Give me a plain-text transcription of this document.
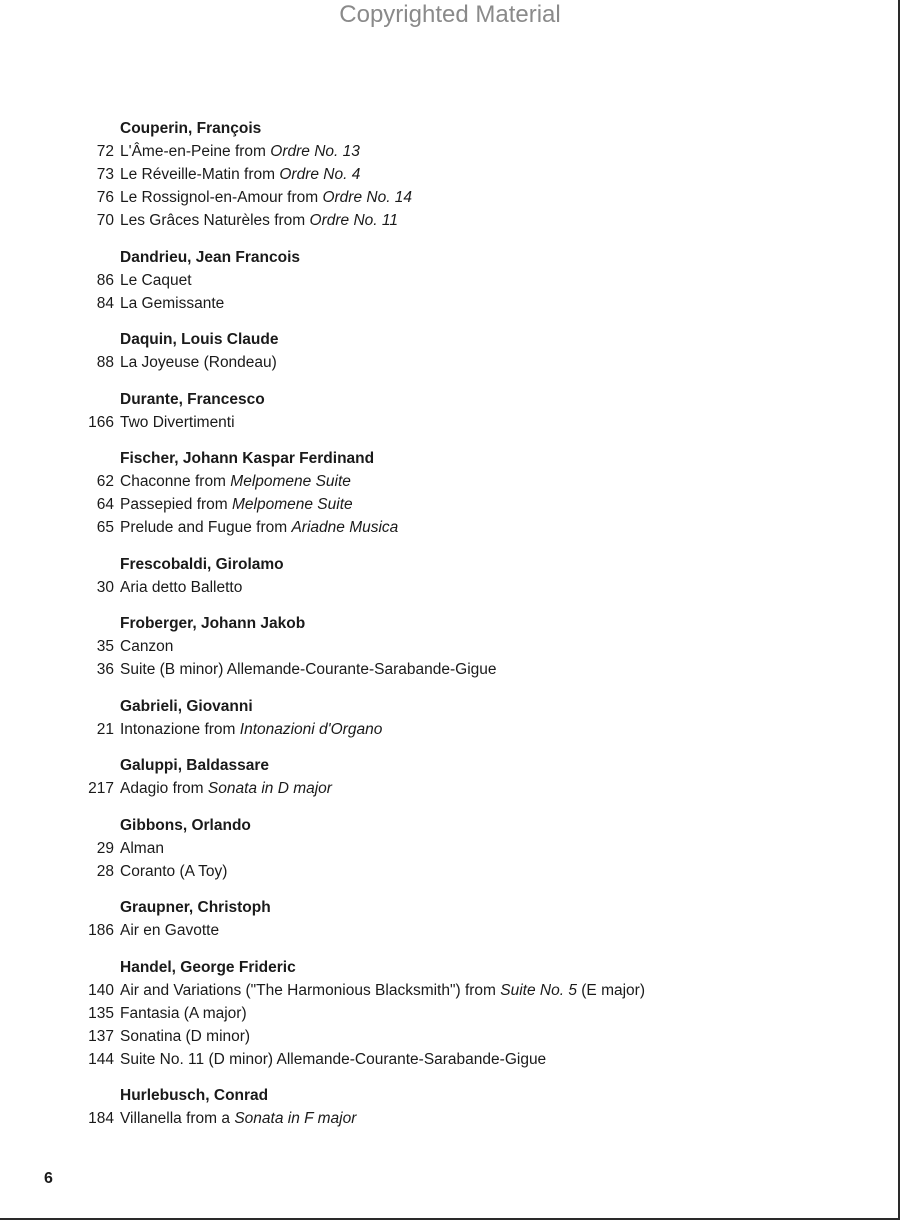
Copyrighted Material
Couperin, François
72 L'Âme-en-Peine from Ordre No. 13
73 Le Réveille-Matin from Ordre No. 4
76 Le Rossignol-en-Amour from Ordre No. 14
70 Les Grâces Naturèles from Ordre No. 11
Dandrieu, Jean Francois
86 Le Caquet
84 La Gemissante
Daquin, Louis Claude
88 La Joyeuse (Rondeau)
Durante, Francesco
166 Two Divertimenti
Fischer, Johann Kaspar Ferdinand
62 Chaconne from Melpomene Suite
64 Passepied from Melpomene Suite
65 Prelude and Fugue from Ariadne Musica
Frescobaldi, Girolamo
30 Aria detto Balletto
Froberger, Johann Jakob
35 Canzon
36 Suite (B minor) Allemande-Courante-Sarabande-Gigue
Gabrieli, Giovanni
21 Intonazione from Intonazioni d'Organo
Galuppi, Baldassare
217 Adagio from Sonata in D major
Gibbons, Orlando
29 Alman
28 Coranto (A Toy)
Graupner, Christoph
186 Air en Gavotte
Handel, George Frideric
140 Air and Variations ("The Harmonious Blacksmith") from Suite No. 5 (E major)
135 Fantasia (A major)
137 Sonatina (D minor)
144 Suite No. 11 (D minor) Allemande-Courante-Sarabande-Gigue
Hurlebusch, Conrad
184 Villanella from a Sonata in F major
6
